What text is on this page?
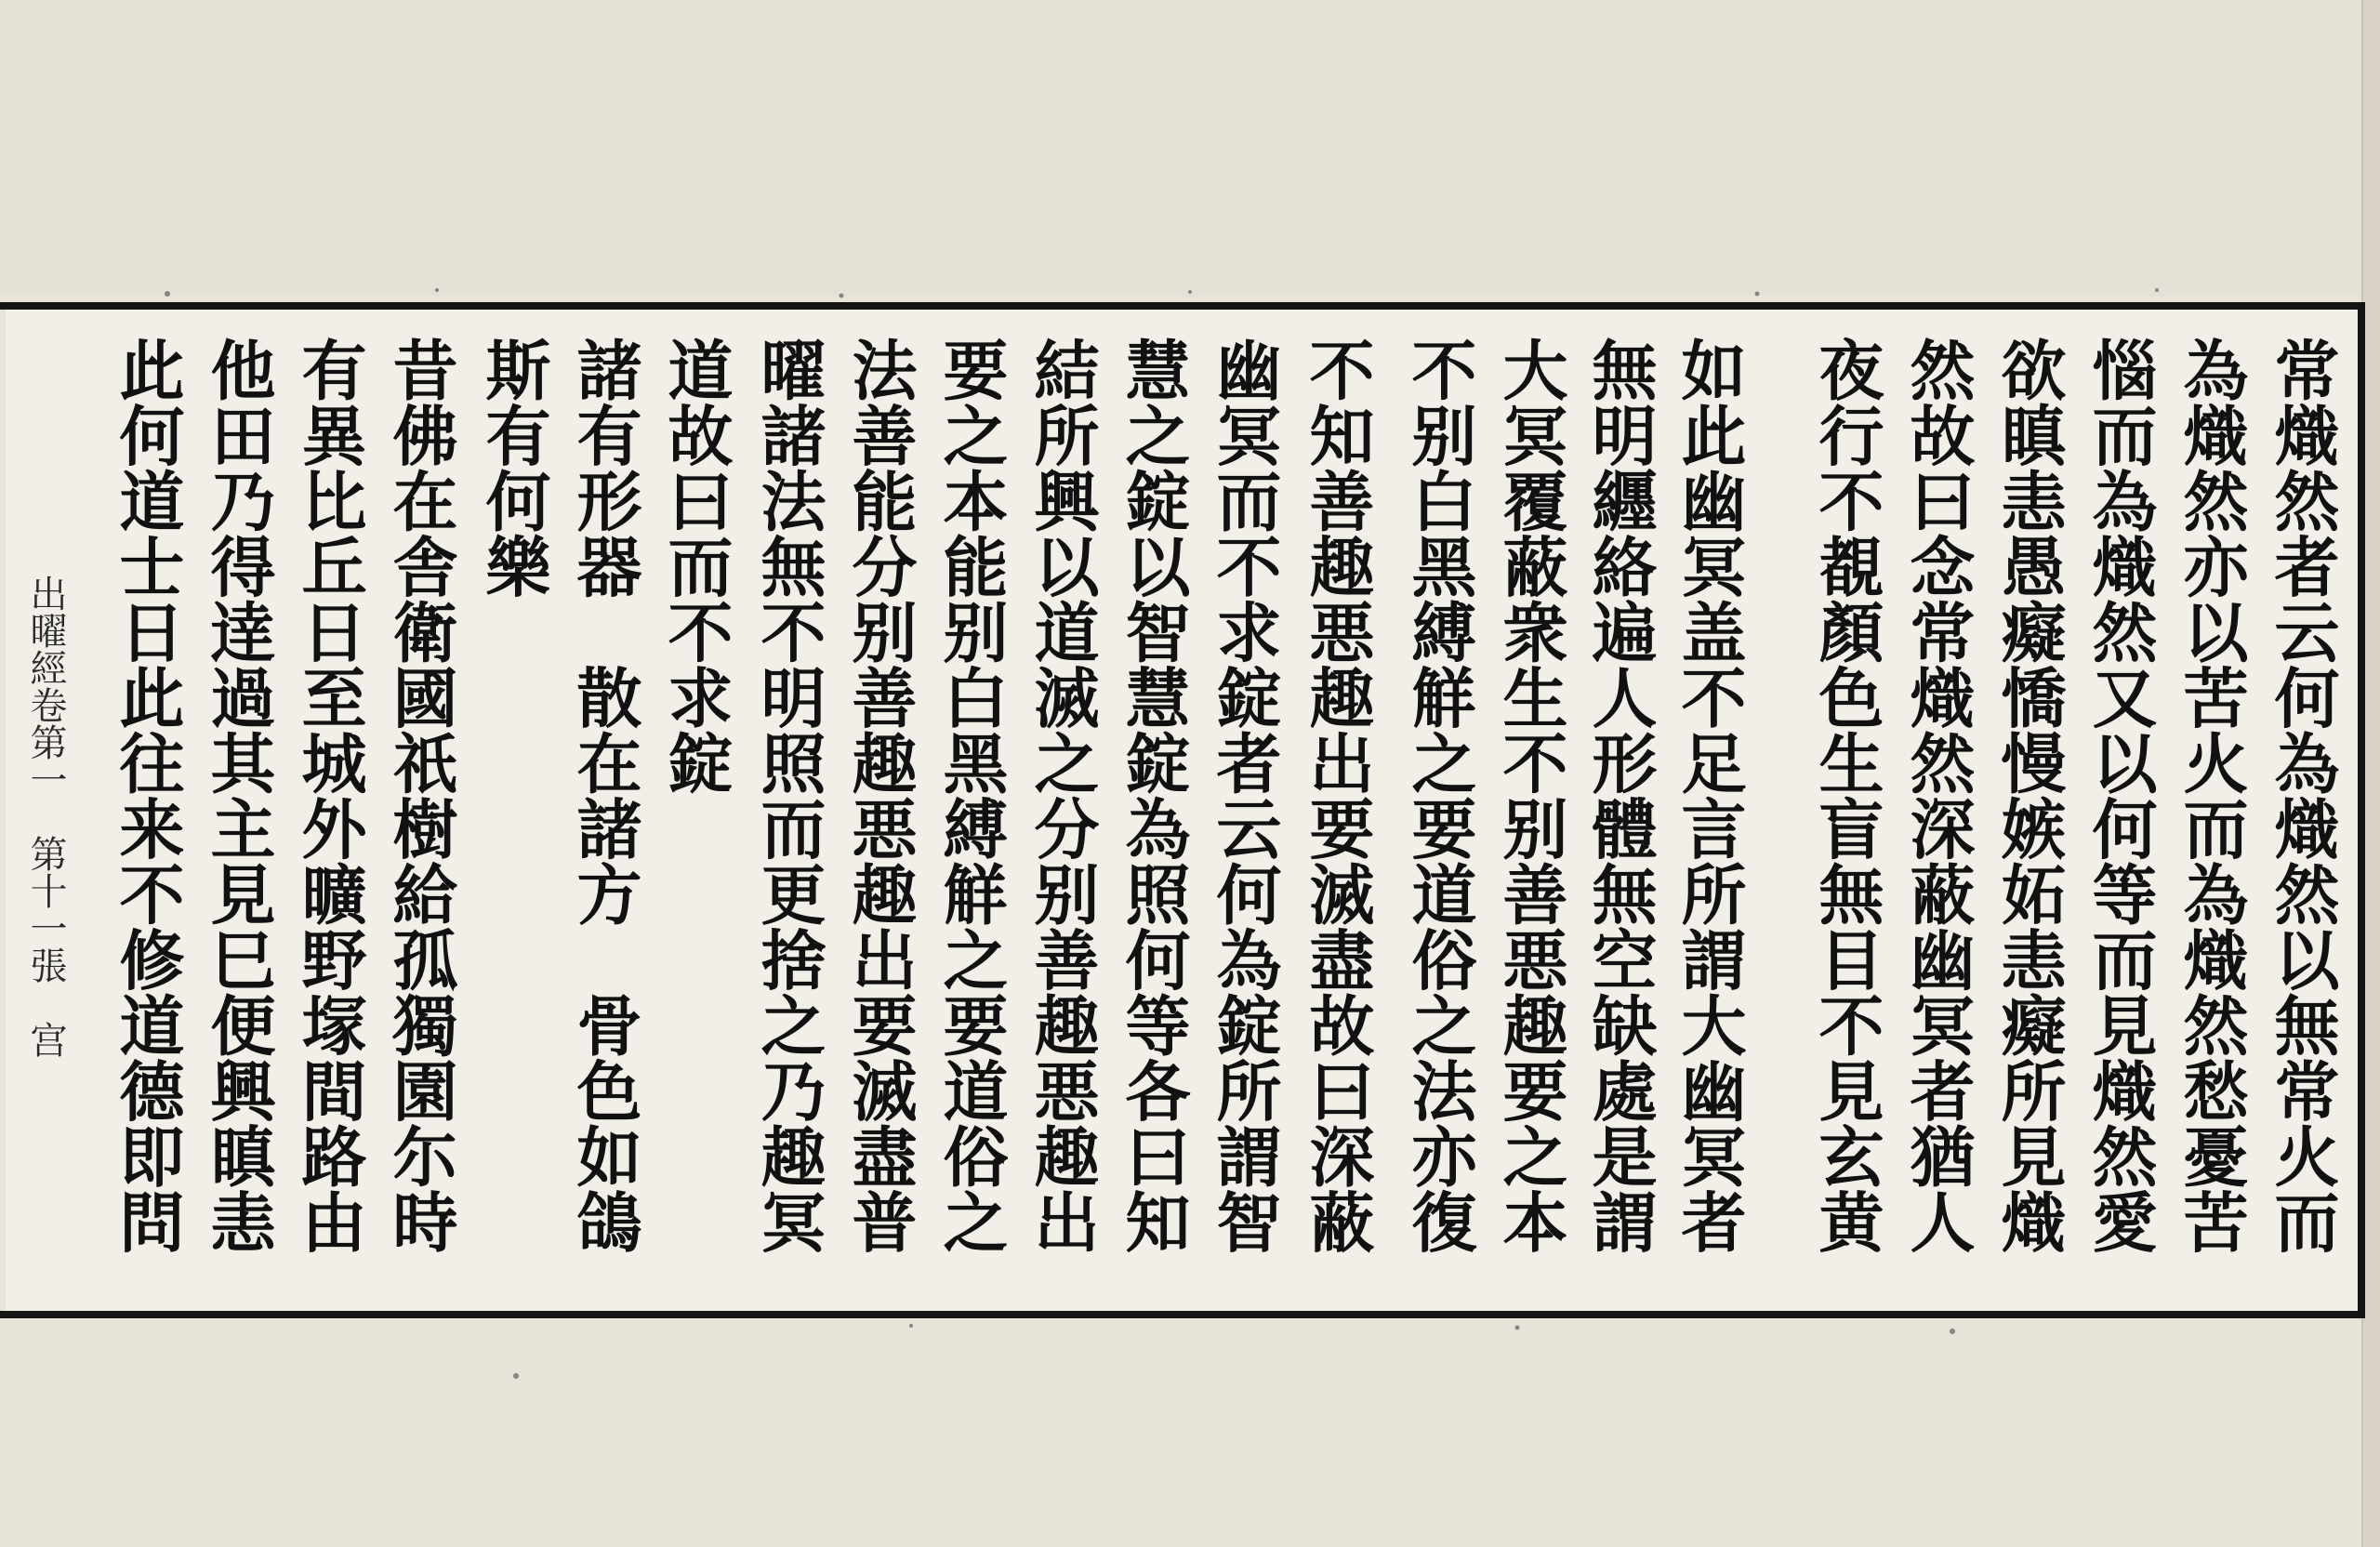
常熾然者云何為熾然以無常火而
為熾然亦以苦火而為熾然愁憂苦
惱而為熾然又以何等而見熾然愛
欲瞋恚愚癡憍慢嫉妬恚癡所見熾
然故曰念常熾然深蔽幽冥者猶人
夜行不覩顏色生盲無目不見玄黄
如此幽冥盖不足言所謂大幽冥者
無明纒絡遍人形體無空缺處是謂
大冥覆蔽衆生不别善悪趣要之本
不别白黑縛觧之要道俗之法亦復
不知善趣悪趣出要滅盡故曰深蔽
幽冥而不求錠者云何為錠所謂智
慧之錠以智慧錠為照何等各曰知
結所興以道滅之分别善趣悪趣出
要之本能别白黑縛觧之要道俗之
法善能分别善趣悪趣出要滅盡普
曜諸法無不明照而更捨之乃趣冥
道故曰而不求錠
諸有形器　散在諸方　骨色如鴿
斯有何樂
昔佛在舎衛國祇樹給孤獨園尓時
有異比丘日至城外曠野塜間路由
他田乃得逹過其主見巳便興瞋恚
此何道士日此往来不修道德即問
出曜經卷第一　第十一張　宫
